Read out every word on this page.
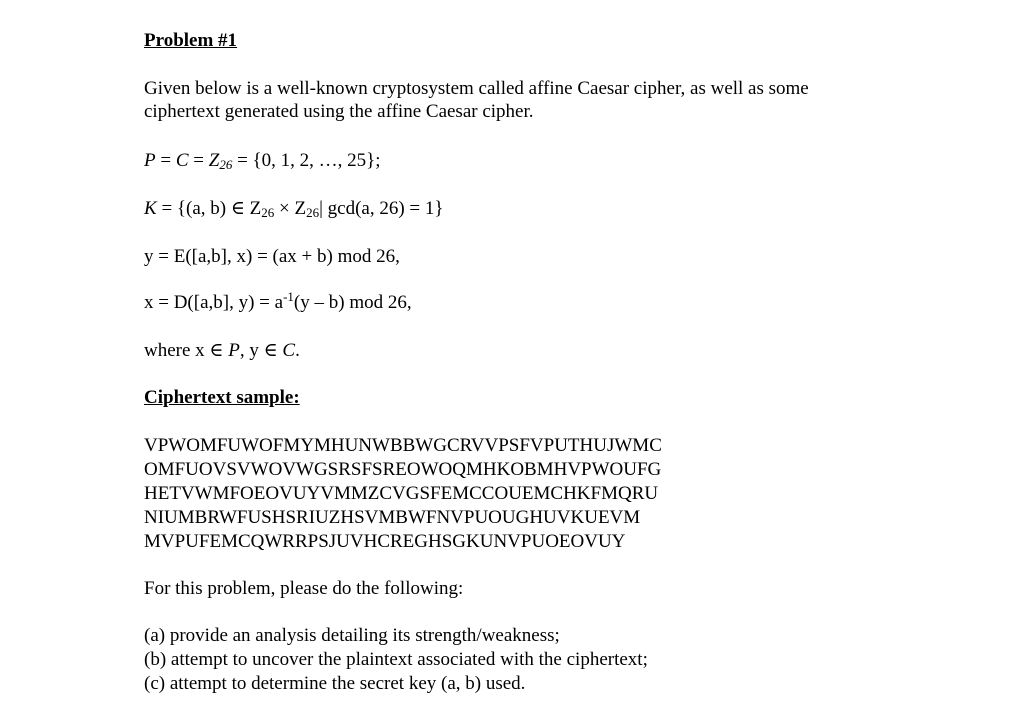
Problem #1
Given below is a well-known cryptosystem called affine Caesar cipher, as well as some
ciphertext generated using the affine Caesar cipher.
$P = C = Z_{26} = \{0$, 1, 2, …, 25};
K = {(a, b) ∈ $Z_{26} \times Z_{26}|$ gcd(a, 26) = 1}
y = E([a,b], x) = (ax + b) mod 26,
x = D([a,b], $y) = a^{-1}(y - b)$ mod 26,
where x ∈ P, y ∈ C.
Ciphertext sample:
VPWOMFUWOFMYMHUNWBBWGCRVVPSFVPUTHUJWMC
OMFUOVSVWOVWGSRSFSREOWOQMHKOBMHVPWOUFG
HETVWMFOEOVUYVMMZCVGSFEMCCOUEMCHKFMQRU
NIUMBRWFUSHSRIUZHSVMBWFNVPUOUGHUVKUEVM
MVPUFEMCQWRRPSJUVHCREGHSGKUNVPUOEOVUY
For this problem, please do the following:
(a) provide an analysis detailing its strength/weakness;
(b) attempt to uncover the plaintext associated with the ciphertext;
(c) attempt to determine the secret key (a, b) used.
